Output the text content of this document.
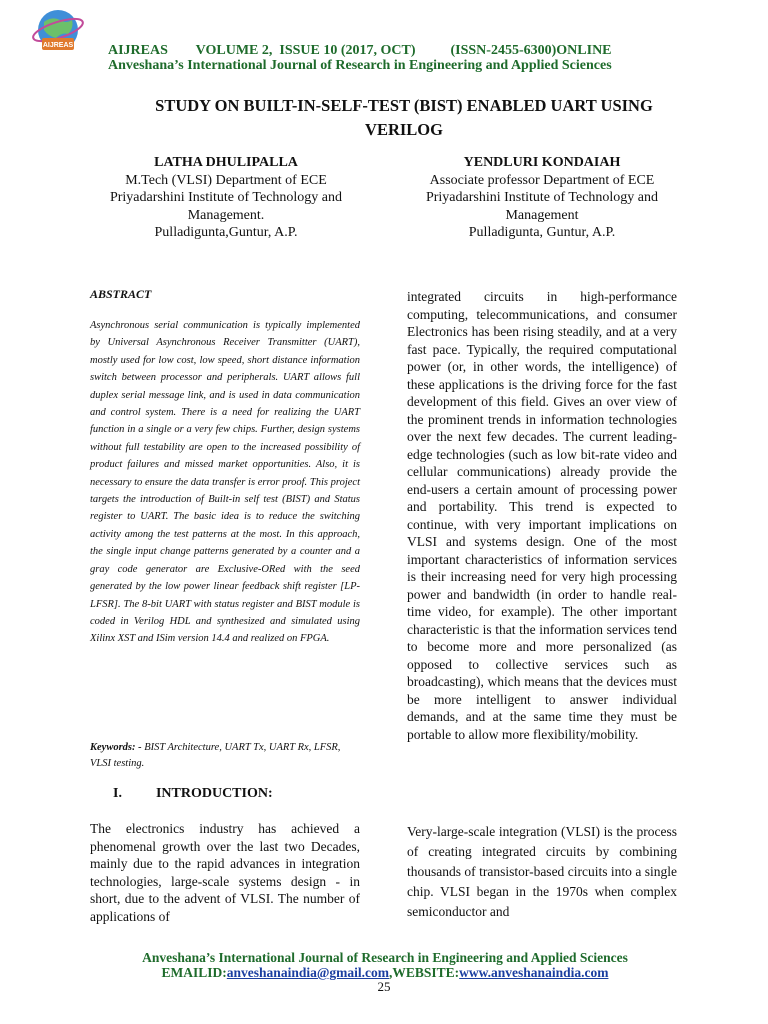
AIJREAS AIJREAS        VOLUME 2,  ISSUE 10 (2017, OCT)          (ISSN-2455-6300)ONLINE
Anveshana’s International Journal of Research in Engineering and Applied Sciences
STUDY ON BUILT-IN-SELF-TEST (BIST) ENABLED UART USING VERILOG
LATHA DHULIPALLA
M.Tech (VLSI) Department of ECE
Priyadarshini Institute of Technology and Management.
Pulladigunta,Guntur, A.P.
YENDLURI KONDAIAH
Associate professor Department of ECE
Priyadarshini Institute of Technology and Management
Pulladigunta, Guntur, A.P.
ABSTRACT
Asynchronous serial communication is typically implemented by Universal Asynchronous Receiver Transmitter (UART), mostly used for low cost, low speed, short distance information switch between processor and peripherals. UART allows full duplex serial message link, and is used in data communication and control system. There is a need for realizing the UART function in a single or a very few chips. Further, design systems without full testability are open to the increased possibility of product failures and missed market opportunities. Also, it is necessary to ensure the data transfer is error proof. This project targets the introduction of Built-in self test (BIST) and Status register to UART. The basic idea is to reduce the switching activity among the test patterns at the most. In this approach, the single input change patterns generated by a counter and a gray code generator are Exclusive-ORed with the seed generated by the low power linear feedback shift register [LP-LFSR]. The 8-bit UART with status register and BIST module is coded in Verilog HDL and synthesized and simulated using Xilinx XST and ISim version 14.4 and realized on FPGA.
Keywords: - BIST Architecture, UART Tx, UART Rx, LFSR, VLSI testing.
I. INTRODUCTION:
The electronics industry has achieved a phenomenal growth over the last two Decades, mainly due to the rapid advances in integration technologies, large-scale systems design - in short, due to the advent of VLSI. The number of applications of
integrated circuits in high-performance computing, telecommunications, and consumer Electronics has been rising steadily, and at a very fast pace. Typically, the required computational power (or, in other words, the intelligence) of these applications is the driving force for the fast development of this field. Gives an over view of the prominent trends in information technologies over the next few decades. The current leading-edge technologies (such as low bit-rate video and cellular communications) already provide the end-users a certain amount of processing power and portability. This trend is expected to continue, with very important implications on VLSI and systems design. One of the most important characteristics of information services is their increasing need for very high processing power and bandwidth (in order to handle real-time video, for example). The other important characteristic is that the information services tend to become more and more personalized (as opposed to collective services such as broadcasting), which means that the devices must be more intelligent to answer individual demands, and at the same time they must be portable to allow more flexibility/mobility.
Very-large-scale integration (VLSI) is the process of creating integrated circuits by combining thousands of transistor-based circuits into a single chip. VLSI began in the 1970s when complex semiconductor and
Anveshana’s International Journal of Research in Engineering and Applied Sciences
EMAILID:anveshanaindia@gmail.com,WEBSITE:www.anveshanaindia.com
25
